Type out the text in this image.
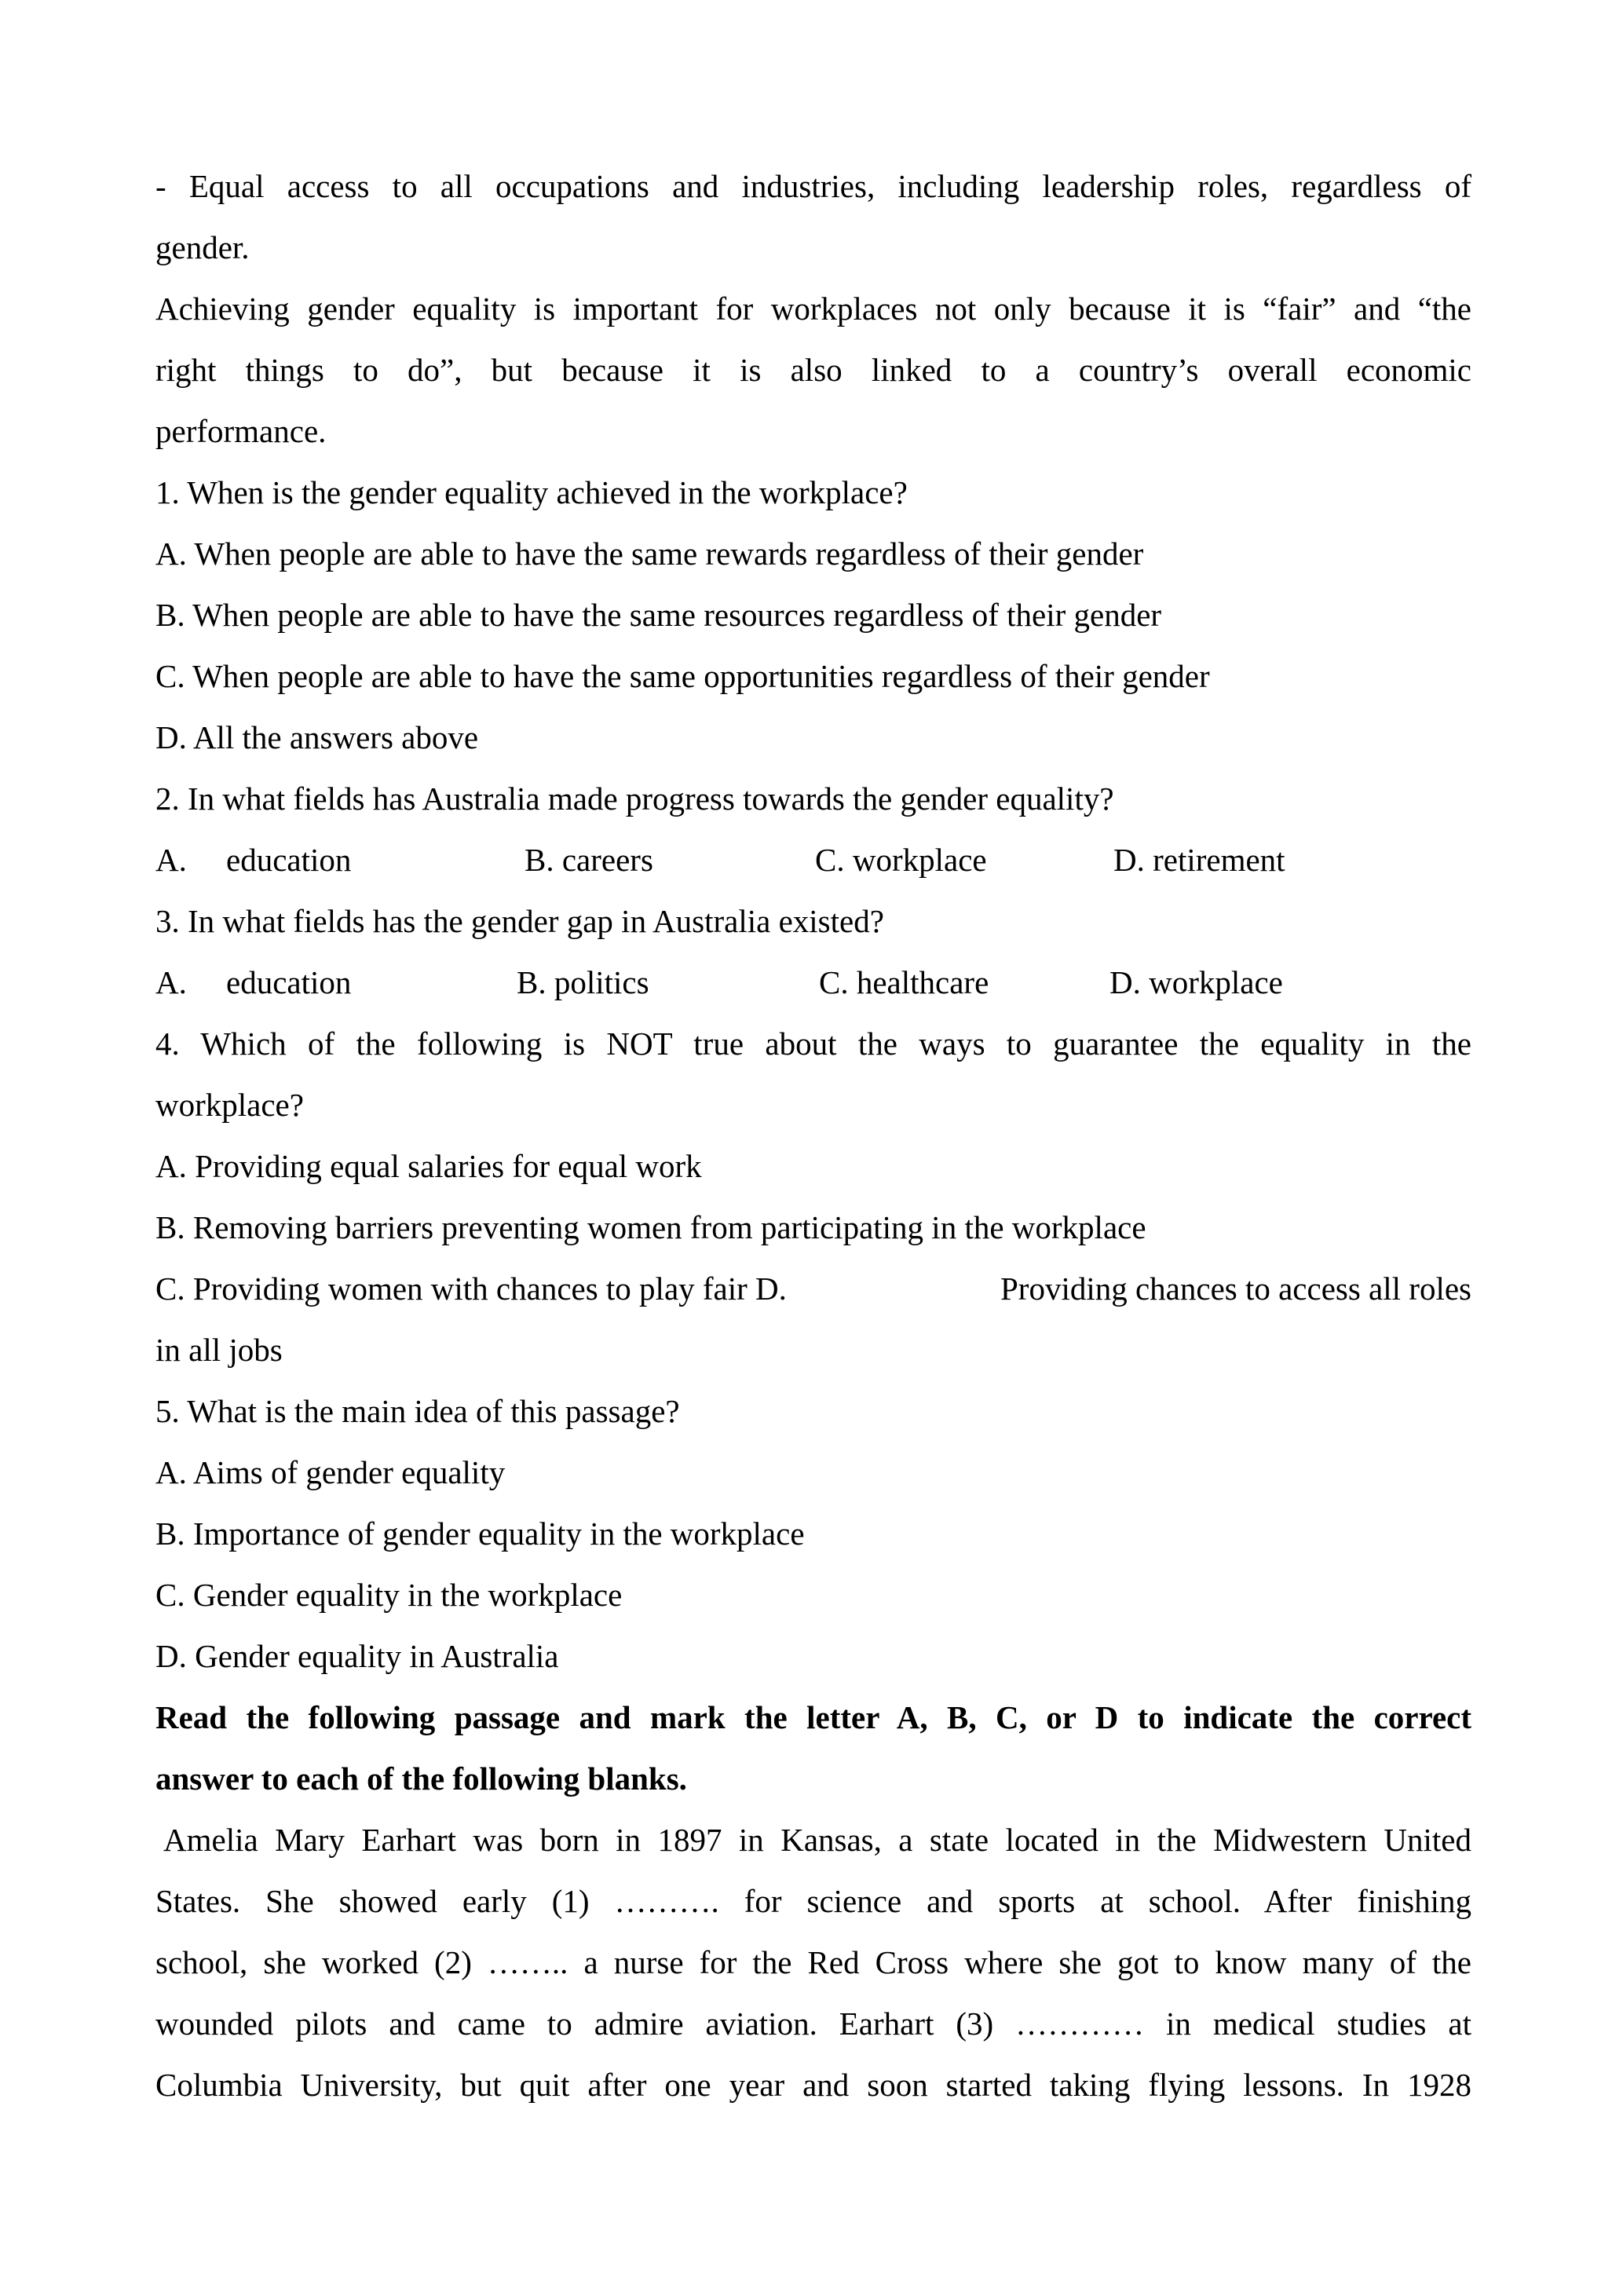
- Equal access to all occupations and industries, including leadership roles, regardless of
gender.
Achieving gender equality is important for workplaces not only because it is “fair” and “the
right things to do”, but because it is also linked to a country’s overall economic
performance.
1. When is the gender equality achieved in the workplace?
A. When people are able to have the same rewards regardless of their gender
B. When people are able to have the same resources regardless of their gender
C. When people are able to have the same opportunities regardless of their gender
D. All the answers above
2. In what fields has Australia made progress towards the gender equality?
A.	education	B. careers	C. workplace	D. retirement
3. In what fields has the gender gap in Australia existed?
A.	education	B. politics	C. healthcare	D. workplace
4. Which of the following is NOT true about the ways to guarantee the equality in the
workplace?
A. Providing equal salaries for equal work
B. Removing barriers preventing women from participating in the workplace
C. Providing women with chances to play fair D.	Providing chances to access all roles
in all jobs
5. What is the main idea of this passage?
A. Aims of gender equality
B. Importance of gender equality in the workplace
C. Gender equality in the workplace
D. Gender equality in Australia
Read the following passage and mark the letter A, B, C, or D to indicate the correct
answer to each of the following blanks.
Amelia Mary Earhart was born in 1897 in Kansas, a state located in the Midwestern United
States. She showed early (1) ………. for science and sports at school. After finishing
school, she worked (2) …….. a nurse for the Red Cross where she got to know many of the
wounded pilots and came to admire aviation. Earhart (3) ………… in medical studies at
Columbia University, but quit after one year and soon started taking flying lessons. In 1928
